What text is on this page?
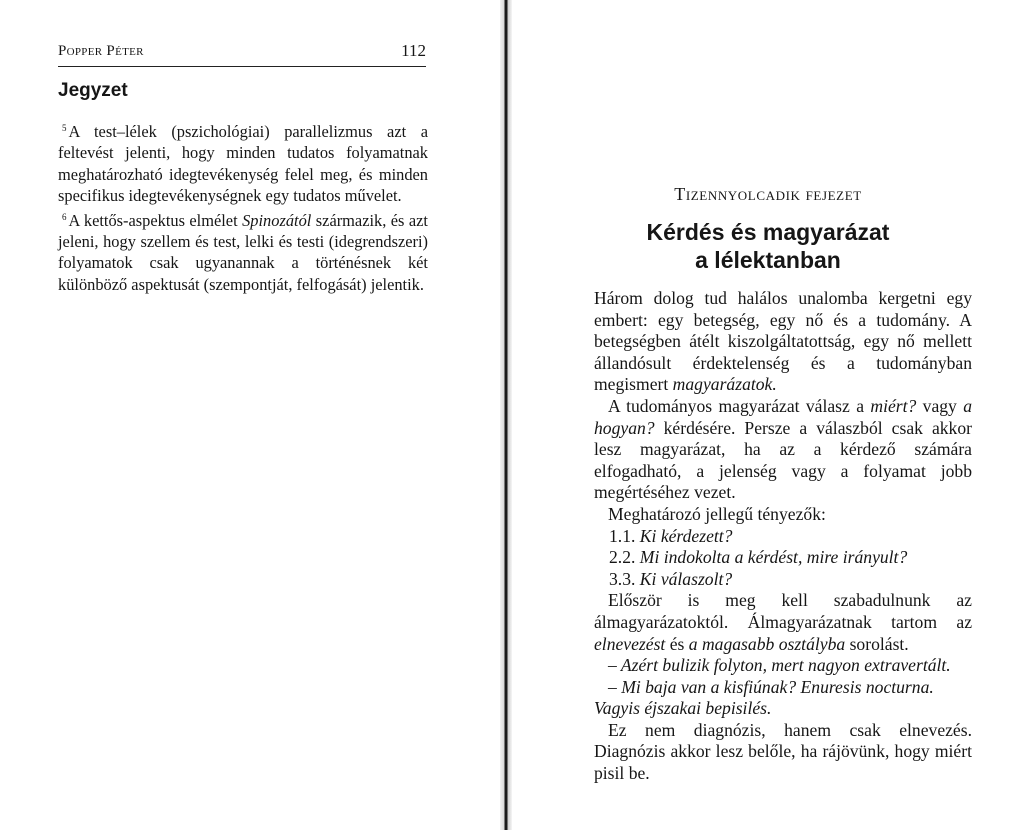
Popper Péter	112
Jegyzet

$^5$ A test–lélek (pszichológiai) parallelizmus azt a feltevést jelenti, hogy minden tudatos folyamatnak meghatározható idegtevékenység felel meg, és minden specifikus idegtevékenységnek egy tudatos művelet.

$^6$ A kettős-aspektus elmélet Spinozától származik, és azt jeleni, hogy szellem és test, lelki és testi (idegrendszeri) folyamatok csak ugyanannak a történésnek két különböző aspektusát (szempontját, felfogását) jelentik.

Tizennyolcadik fejezet
Kérdés és magyarázat
a lélektanban

Három dolog tud halálos unalomba kergetni egy embert: egy betegség, egy nő és a tudomány. A betegségben átélt kiszolgáltatottság, egy nő mellett állandósult érdektelenség és a tudományban megismert magyarázatok.

A tudományos magyarázat válasz a miért? vagy a hogyan? kérdésére. Persze a válaszból csak akkor lesz magyarázat, ha az a kérdező számára elfogadható, a jelenség vagy a folyamat jobb megértéséhez vezet.

Meghatározó jellegű tényezők:

1.1. Ki kérdezett?

2.2. Mi indokolta a kérdést, mire irányult?

3.3. Ki válaszolt?

Először is meg kell szabadulnunk az álmagyarázatoktól. Álmagyarázatnak tartom az elnevezést és a magasabb osztályba sorolást.

– Azért bulizik folyton, mert nagyon extravertált.

– Mi baja van a kisfiúnak? Enuresis nocturna.

Vagyis éjszakai bepisilés.

Ez nem diagnózis, hanem csak elnevezés. Diagnózis akkor lesz belőle, ha rájövünk, hogy miért pisil be.
